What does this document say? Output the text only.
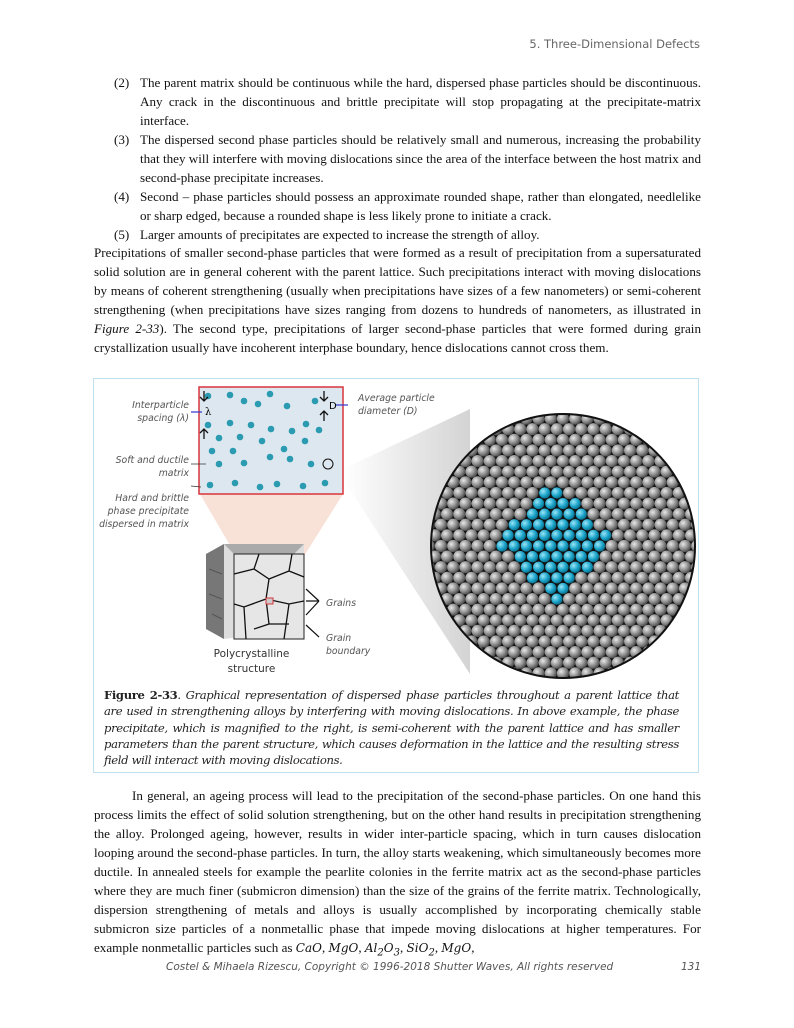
5. Three-Dimensional Defects
(2) The parent matrix should be continuous while the hard, dispersed phase particles should be discontinuous. Any crack in the discontinuous and brittle precipitate will stop propagating at the precipitate-matrix interface.
(3) The dispersed second phase particles should be relatively small and numerous, increasing the probability that they will interfere with moving dislocations since the area of the interface between the host matrix and second-phase precipitate increases.
(4) Second – phase particles should possess an approximate rounded shape, rather than elongated, needlelike or sharp edged, because a rounded shape is less likely prone to initiate a crack.
(5) Larger amounts of precipitates are expected to increase the strength of alloy.
Precipitations of smaller second-phase particles that were formed as a result of precipitation from a supersaturated solid solution are in general coherent with the parent lattice. Such precipitations interact with moving dislocations by means of coherent strengthening (usually when precipitations have sizes of a few nanometers) or semi-coherent strengthening (when precipitations have sizes ranging from dozens to hundreds of nanometers, as illustrated in Figure 2-33). The second type, precipitations of larger second-phase particles that were formed during grain crystallization usually have incoherent interphase boundary, hence dislocations cannot cross them.
λ
D
Interparticle spacing (λ)
Average particle diameter (D)
Soft and ductile matrix
Hard and brittle phase precipitate dispersed in matrix
Grains
Grain boundary
Polycrystalline structure
Figure 2-33. Graphical representation of dispersed phase particles throughout a parent lattice that are used in strengthening alloys by interfering with moving dislocations. In above example, the phase precipitate, which is magnified to the right, is semi-coherent with the parent lattice and has smaller parameters than the parent structure, which causes deformation in the lattice and the resulting stress field will interact with moving dislocations.
In general, an ageing process will lead to the precipitation of the second-phase particles. On one hand this process limits the effect of solid solution strengthening, but on the other hand results in precipitation strengthening the alloy. Prolonged ageing, however, results in wider inter-particle spacing, which in turn causes dislocation looping around the second-phase particles. In turn, the alloy starts weakening, which simultaneously becomes more ductile. In annealed steels for example the pearlite colonies in the ferrite matrix act as the second-phase particles where they are much finer (submicron dimension) than the size of the grains of the ferrite matrix. Technologically, dispersion strengthening of metals and alloys is usually accomplished by incorporating chemically stable submicron size particles of a nonmetallic phase that impede moving dislocations at higher temperatures. For example nonmetallic particles such as CaO, MgO, $Al_2O_3$, SiO$_2$, MgO,
Costel & Mihaela Rizescu, Copyright © 1996-2018 Shutter Waves, All rights reserved	131
